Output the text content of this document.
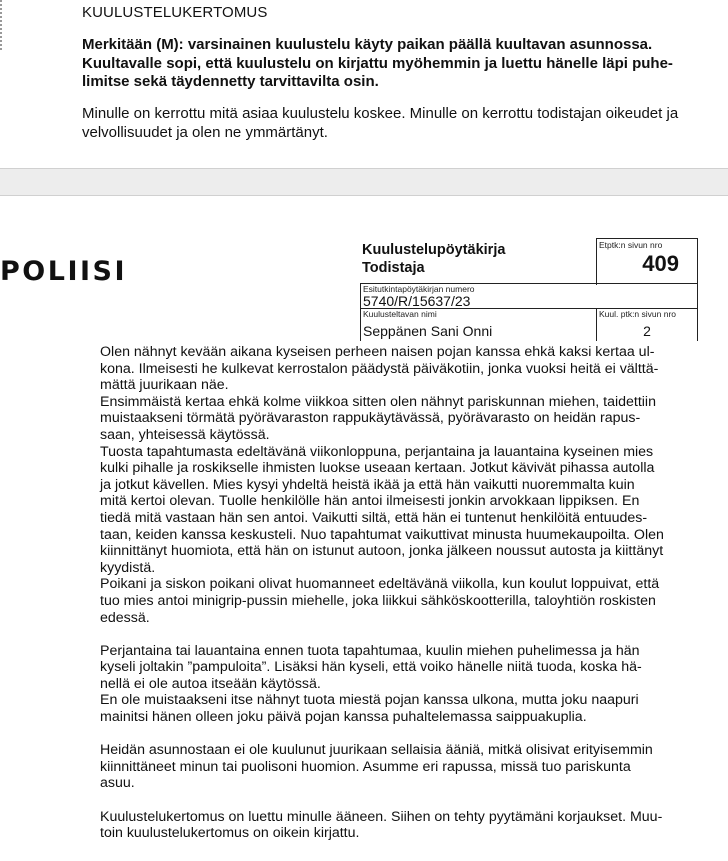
KUULUSTELUKERTOMUS
Merkitään (M): varsinainen kuulustelu käyty paikan päällä kuultavan asunnossa.
Kuultavalle sopi, että kuulustelu on kirjattu myöhemmin ja luettu hänelle läpi puhe-
limitse sekä täydennetty tarvittavilta osin.
Minulle on kerrottu mitä asiaa kuulustelu koskee. Minulle on kerrottu todistajan oikeudet ja
velvollisuudet ja olen ne ymmärtänyt.
POLIISI
Kuulustelupöytäkirja
Todistaja
Etptk:n sivun nro
409
Esitutkintapöytäkirjan numero
5740/R/15637/23
Kuulusteltavan nimi
Seppänen Sani Onni
Kuul. ptk:n sivun nro
2
Olen nähnyt kevään aikana kyseisen perheen naisen pojan kanssa ehkä kaksi kertaa ul-
kona. Ilmeisesti he kulkevat kerrostalon päädystä päiväkotiin, jonka vuoksi heitä ei välttä-
mättä juurikaan näe.
Ensimmäistä kertaa ehkä kolme viikkoa sitten olen nähnyt pariskunnan miehen, taidettiin
muistaakseni törmätä pyörävaraston rappukäytävässä, pyörävarasto on heidän rapus-
saan, yhteisessä käytössä.
Tuosta tapahtumasta edeltävänä viikonloppuna, perjantaina ja lauantaina kyseinen mies
kulki pihalle ja roskikselle ihmisten luokse useaan kertaan. Jotkut kävivät pihassa autolla
ja jotkut kävellen. Mies kysyi yhdeltä heistä ikää ja että hän vaikutti nuoremmalta kuin
mitä kertoi olevan. Tuolle henkilölle hän antoi ilmeisesti jonkin arvokkaan lippiksen. En
tiedä mitä vastaan hän sen antoi. Vaikutti siltä, että hän ei tuntenut henkilöitä entuudes-
taan, keiden kanssa keskusteli. Nuo tapahtumat vaikuttivat minusta huumekaupoilta. Olen
kiinnittänyt huomiota, että hän on istunut autoon, jonka jälkeen noussut autosta ja kiittänyt
kyydistä.
Poikani ja siskon poikani olivat huomanneet edeltävänä viikolla, kun koulut loppuivat, että
tuo mies antoi minigrip-pussin miehelle, joka liikkui sähköskootterilla, taloyhtiön roskisten
edessä.
Perjantaina tai lauantaina ennen tuota tapahtumaa, kuulin miehen puhelimessa ja hän
kyseli joltakin ”pampuloita”. Lisäksi hän kyseli, että voiko hänelle niitä tuoda, koska hä-
nellä ei ole autoa itseään käytössä.
En ole muistaakseni itse nähnyt tuota miestä pojan kanssa ulkona, mutta joku naapuri
mainitsi hänen olleen joku päivä pojan kanssa puhaltelemassa saippuakuplia.
Heidän asunnostaan ei ole kuulunut juurikaan sellaisia ääniä, mitkä olisivat erityisemmin
kiinnittäneet minun tai puolisoni huomion. Asumme eri rapussa, missä tuo pariskunta
asuu.
Kuulustelukertomus on luettu minulle ääneen. Siihen on tehty pyytämäni korjaukset. Muu-
toin kuulustelukertomus on oikein kirjattu.
